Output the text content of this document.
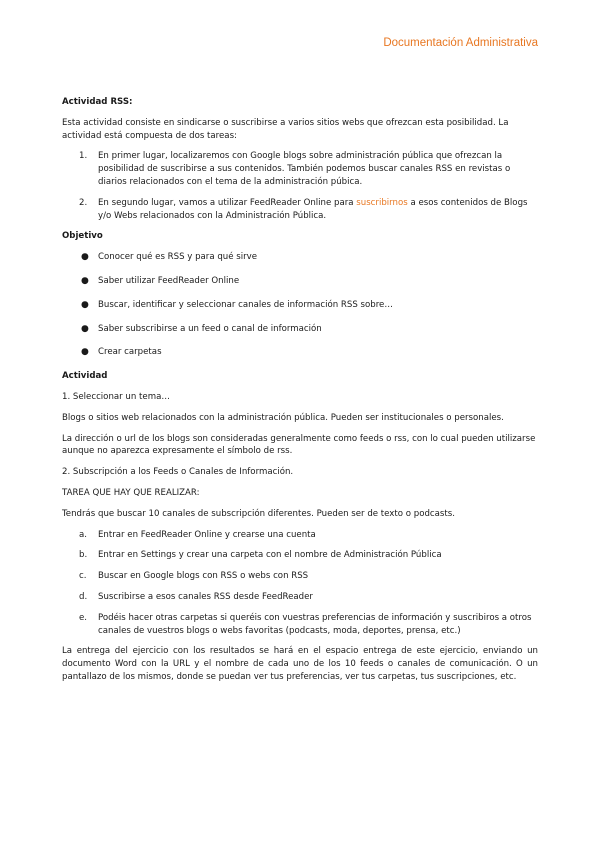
Documentación Administrativa
Actividad RSS:

Esta actividad consiste en sindicarse o suscribirse a varios sitios webs que ofrezcan esta posibilidad. La actividad está compuesta de dos tareas:

1.	En primer lugar, localizaremos con Google blogs sobre administración pública que ofrezcan la posibilidad de suscribirse a sus contenidos. También podemos buscar canales RSS en revistas o diarios relacionados con el tema de la administración púbica.
2.	En segundo lugar, vamos a utilizar FeedReader Online para suscribirnos a esos contenidos de Blogs y/o Webs relacionados con la Administración Pública.
Objetivo
●	Conocer qué es RSS y para qué sirve
●	Saber utilizar FeedReader Online
●	Buscar, identificar y seleccionar canales de información RSS sobre…
●	Saber subscribirse a un feed o canal de información
●	Crear carpetas
Actividad

1. Seleccionar un tema…

Blogs o sitios web relacionados con la administración pública. Pueden ser institucionales o personales.

La dirección o url de los blogs son consideradas generalmente como feeds o rss, con lo cual pueden utilizarse aunque no aparezca expresamente el símbolo de rss.

2. Subscripción a los Feeds o Canales de Información.

TAREA QUE HAY QUE REALIZAR:

Tendrás que buscar 10 canales de subscripción diferentes. Pueden ser de texto o podcasts.

a.	Entrar en FeedReader Online y crearse una cuenta
b.	Entrar en Settings y crear una carpeta con el nombre de Administración Pública
c.	Buscar en Google blogs con RSS o webs con RSS
d.	Suscribirse a esos canales RSS desde FeedReader
e.	Podéis hacer otras carpetas si queréis con vuestras preferencias de información y suscribiros a otros canales de vuestros blogs o webs favoritas (podcasts, moda, deportes, prensa, etc.)

La entrega del ejercicio con los resultados se hará en el espacio entrega de este ejercicio, enviando un documento Word con la URL y el nombre de cada uno de los 10 feeds o canales de comunicación. O un pantallazo de los mismos, donde se puedan ver tus preferencias, ver tus carpetas, tus suscripciones, etc.
